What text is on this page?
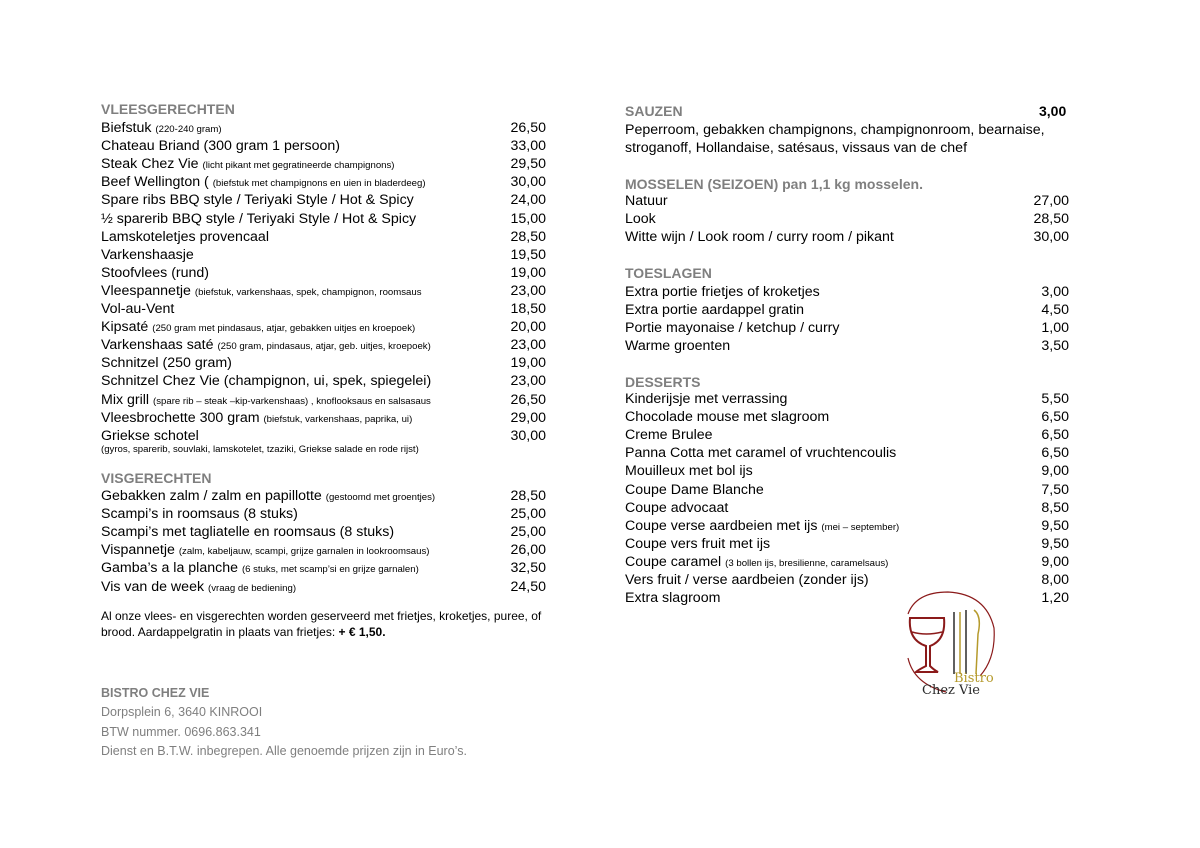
VLEESGERECHTEN
Biefstuk (220-240 gram)	26,50
Chateau Briand (300 gram 1 persoon)	33,00
Steak Chez Vie (licht pikant met gegratineerde champignons)	29,50
Beef Wellington ( (biefstuk met champignons en uien in bladerdeeg)	30,00
Spare ribs BBQ style / Teriyaki Style / Hot & Spicy	24,00
½ sparerib BBQ style / Teriyaki Style / Hot & Spicy	15,00
Lamskoteletjes provencaal	28,50
Varkenshaasje	19,50
Stoofvlees (rund)	19,00
Vleespannetje (biefstuk, varkenshaas, spek, champignon, roomsaus	23,00
Vol-au-Vent	18,50
Kipsaté (250 gram met pindasaus, atjar, gebakken uitjes en kroepoek)	20,00
Varkenshaas saté (250 gram, pindasaus, atjar, geb. uitjes, kroepoek)	23,00
Schnitzel (250 gram)	19,00
Schnitzel Chez Vie (champignon, ui, spek, spiegelei)	23,00
Mix grill (spare rib – steak –kip-varkenshaas) , knoflooksaus en salsasaus	26,50
Vleesbrochette 300 gram (biefstuk, varkenshaas, paprika, ui)	29,00
Griekse schotel	30,00
(gyros, sparerib, souvlaki, lamskotelet, tzaziki, Griekse salade en rode rijst)
VISGERECHTEN
Gebakken zalm / zalm en papillotte (gestoomd met groentjes)	28,50
Scampi’s in roomsaus (8 stuks)	25,00
Scampi’s met tagliatelle en roomsaus (8 stuks)	25,00
Vispannetje (zalm, kabeljauw, scampi, grijze garnalen in lookroomsaus)	26,00
Gamba’s a la planche (6 stuks, met scamp’si en grijze garnalen)	32,50
Vis van de week (vraag de bediening)	24,50
Al onze vlees- en visgerechten worden geserveerd met frietjes, kroketjes, puree, of
brood. Aardappelgratin in plaats van frietjes: + € 1,50.
BISTRO CHEZ VIE
Dorpsplein 6, 3640 KINROOI
BTW nummer. 0696.863.341
Dienst en B.T.W. inbegrepen. Alle genoemde prijzen zijn in Euro’s.
SAUZEN	3,00
Peperroom, gebakken champignons, champignonroom, bearnaise,
stroganoff, Hollandaise, satésaus, vissaus van de chef
MOSSELEN (SEIZOEN) pan 1,1 kg mosselen.
Natuur	27,00
Look	28,50
Witte wijn / Look room / curry room / pikant	30,00
TOESLAGEN
Extra portie frietjes of kroketjes	3,00
Extra portie aardappel gratin	4,50
Portie mayonaise / ketchup / curry	1,00
Warme groenten	3,50
DESSERTS
Kinderijsje met verrassing	5,50
Chocolade mouse met slagroom	6,50
Creme Brulee	6,50
Panna Cotta met caramel of vruchtencoulis	6,50
Mouilleux met bol ijs	9,00
Coupe Dame Blanche	7,50
Coupe advocaat	8,50
Coupe verse aardbeien met ijs (mei – september)	9,50
Coupe vers fruit met ijs	9,50
Coupe caramel (3 bollen ijs, bresilienne, caramelsaus)	9,00
Vers fruit / verse aardbeien (zonder ijs)	8,00
Extra slagroom	1,20
Bistro
Chez Vie
